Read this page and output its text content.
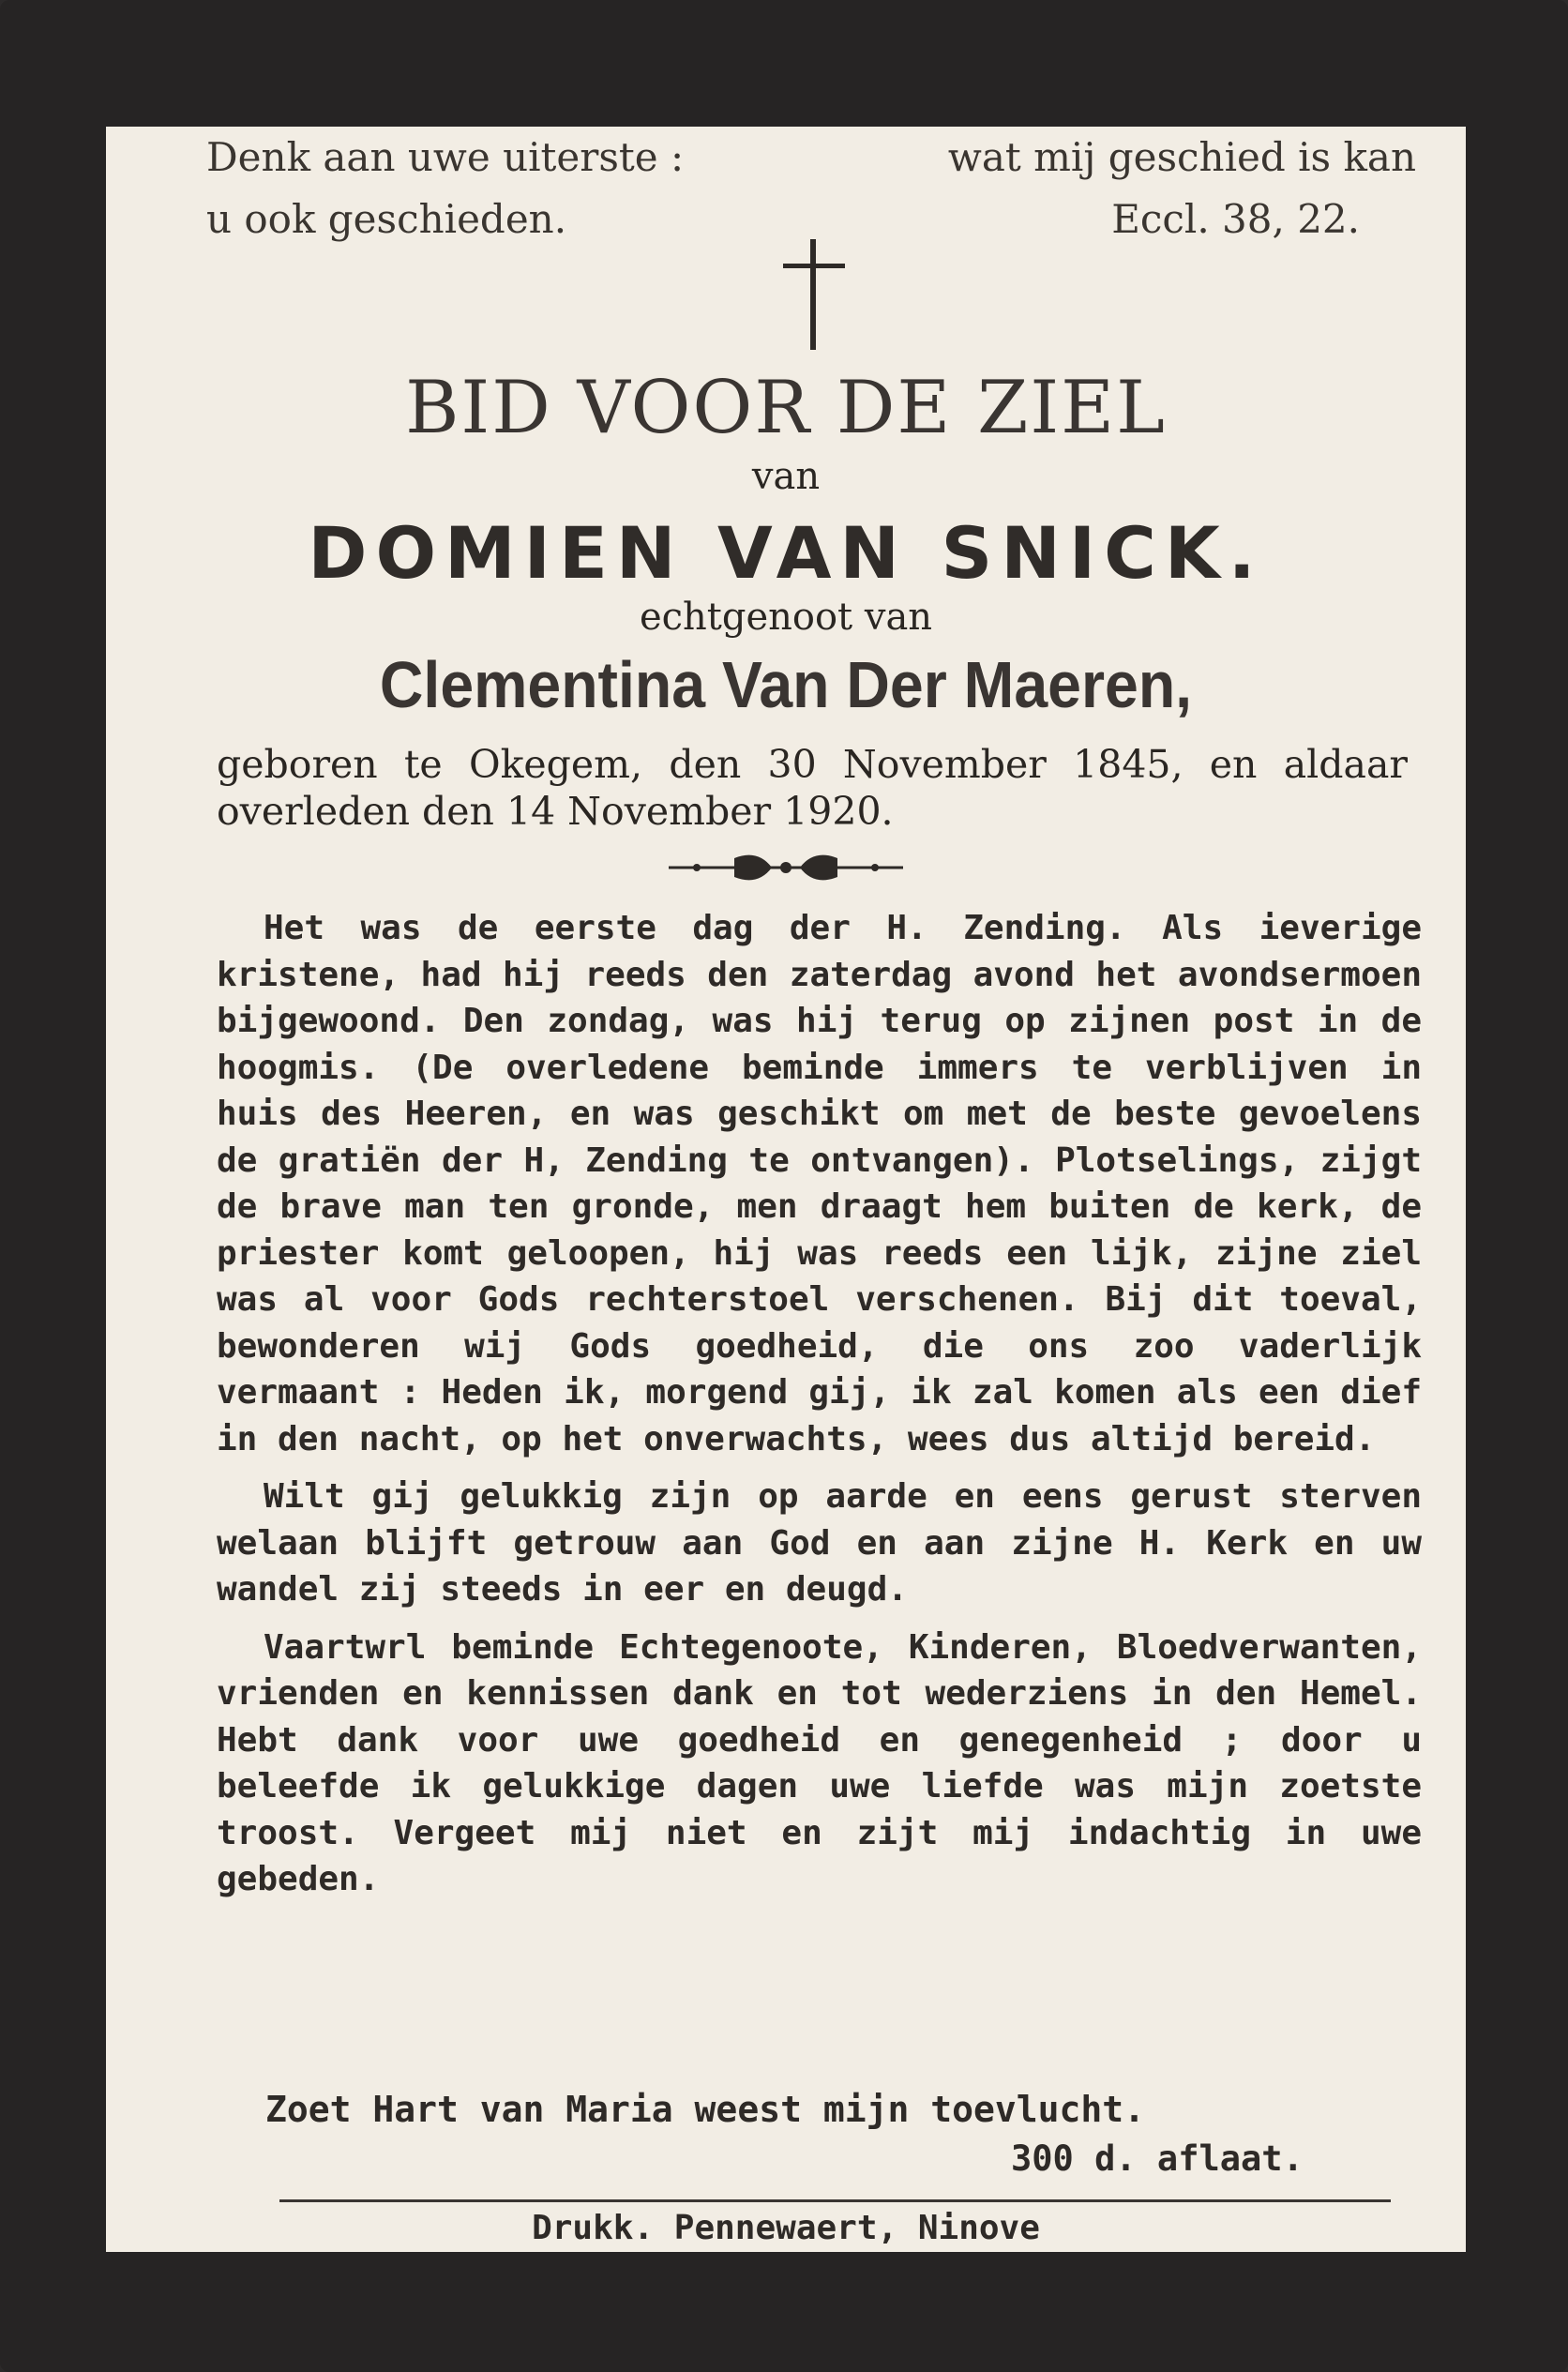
Denk aan uwe uiterste :	wat mij geschied is kan
u ook geschieden.	Eccl. 38, 22.
BID VOOR DE ZIEL
van
DOMIEN VAN SNICK.
echtgenoot van
Clementina Van Der Maeren,
geboren te Okegem, den 30 November 1845, en aldaar overleden den 14 November 1920.

Het was de eerste dag der H. Zending. Als ieverige kristene, had hij reeds den zaterdag avond het avondsermoen bijgewoond. Den zondag, was hij terug op zijnen post in de hoogmis. (De overledene beminde immers te verblijven in huis des Heeren, en was geschikt om met de beste gevoelens de gratiën der H, Zending te ontvangen). Plotselings, zijgt de brave man ten gronde, men draagt hem buiten de kerk, de priester komt geloopen, hij was reeds een lijk, zijne ziel was al voor Gods rechterstoel verschenen. Bij dit toeval, bewonderen wij Gods goedheid, die ons zoo vaderlijk vermaant : Heden ik, morgend gij, ik zal komen als een dief in den nacht, op het onverwachts, wees dus altijd bereid.

Wilt gij gelukkig zijn op aarde en eens gerust sterven welaan blijft getrouw aan God en aan zijne H. Kerk en uw wandel zij steeds in eer en deugd.

Vaartwrl beminde Echtegenoote, Kinderen, Bloedverwanten, vrienden en kennissen dank en tot wederziens in den Hemel. Hebt dank voor uwe goedheid en genegenheid ; door u beleefde ik gelukkige dagen uwe liefde was mijn zoetste troost. Vergeet mij niet en zijt mij indachtig in uwe gebeden.

Zoet Hart van Maria weest mijn toevlucht.
300 d. aflaat.
Drukk. Pennewaert, Ninove
